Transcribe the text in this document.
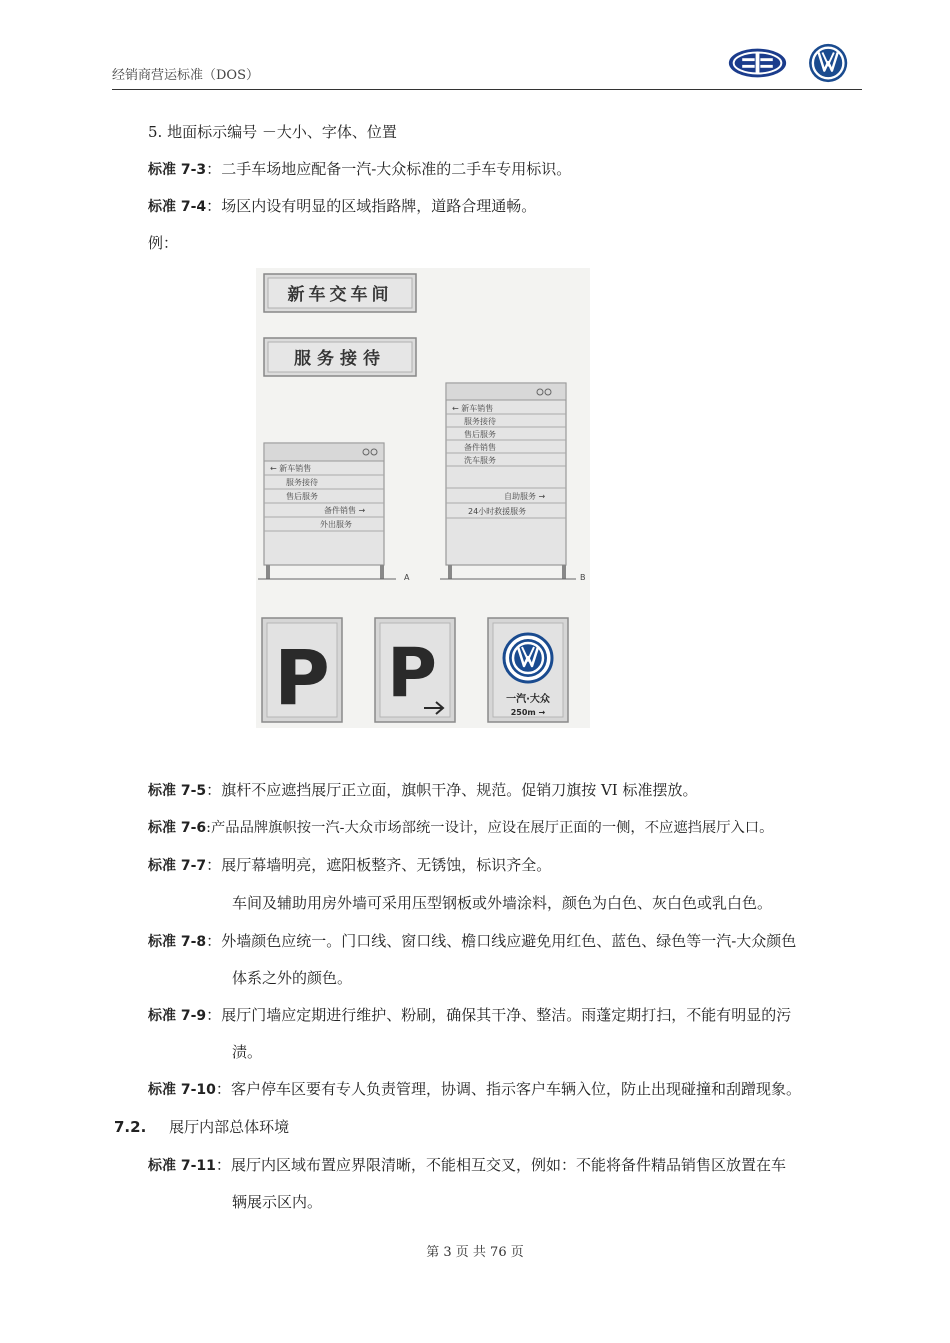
经销商营运标准（DOS）
5. 地面标示编号 －大小、字体、位置
标准 7-3：二手车场地应配备一汽-大众标准的二手车专用标识。
标准 7-4：场区内设有明显的区域指路牌，道路合理通畅。
例：
新车交车间
服务接待
← 新车销售
服务接待
售后服务
备件销售 →
外出服务
A
← 新车销售
服务接待
售后服务
备件销售
洗车服务
自助服务 →
24小时救援服务
B
P P	一汽·大众
250m →
标准 7-5：旗杆不应遮挡展厅正立面，旗帜干净、规范。促销刀旗按 VI 标准摆放。
标准 7-6:产品品牌旗帜按一汽-大众市场部统一设计，应设在展厅正面的一侧，不应遮挡展厅入口。
标准 7-7：展厅幕墙明亮，遮阳板整齐、无锈蚀，标识齐全。
车间及辅助用房外墙可采用压型钢板或外墙涂料，颜色为白色、灰白色或乳白色。
标准 7-8：外墙颜色应统一。门口线、窗口线、檐口线应避免用红色、蓝色、绿色等一汽-大众颜色
体系之外的颜色。
标准 7-9：展厅门墙应定期进行维护、粉刷，确保其干净、整洁。雨蓬定期打扫，不能有明显的污
渍。
标准 7-10：客户停车区要有专人负责管理，协调、指示客户车辆入位，防止出现碰撞和刮蹭现象。
7.2. 展厅内部总体环境
标准 7-11：展厅内区域布置应界限清晰，不能相互交叉，例如：不能将备件精品销售区放置在车
辆展示区内。
第 3 页 共 76 页
